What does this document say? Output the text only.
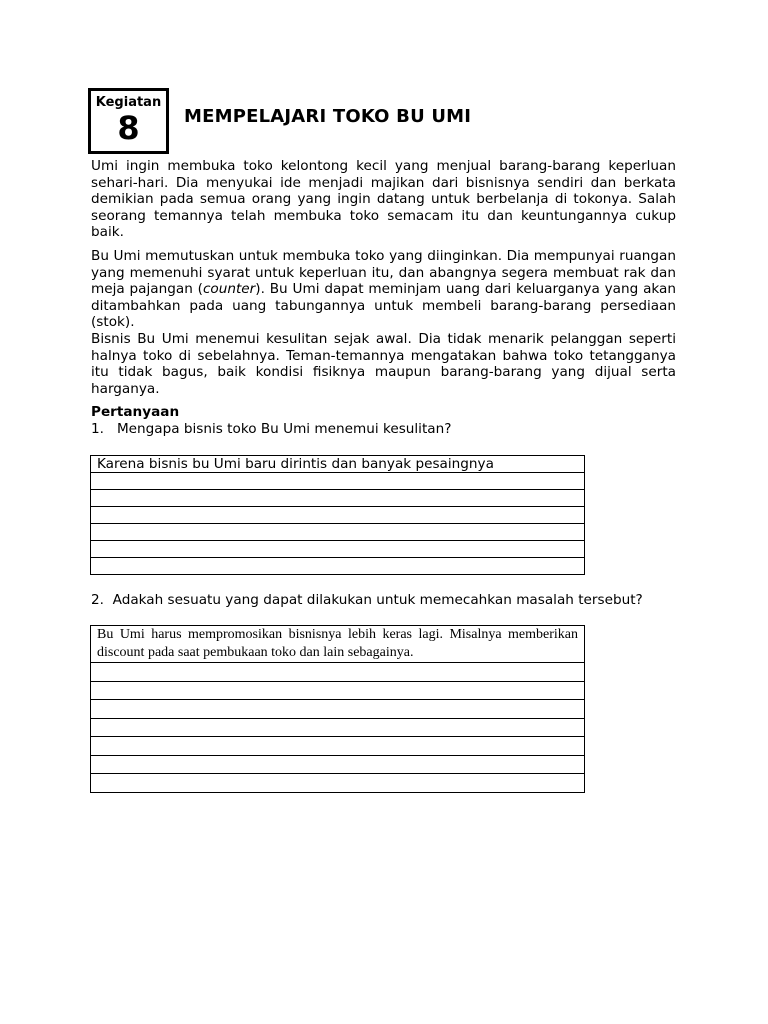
Kegiatan
8	MEMPELAJARI TOKO BU UMI

Umi ingin membuka toko kelontong kecil yang menjual barang-barang keperluan sehari-hari. Dia menyukai ide menjadi majikan dari bisnisnya sendiri dan berkata demikian pada semua orang yang ingin datang untuk berbelanja di tokonya. Salah seorang temannya telah membuka toko semacam itu dan keuntungannya cukup baik.

Bu Umi memutuskan untuk membuka toko yang diinginkan. Dia mempunyai ruangan yang memenuhi syarat untuk keperluan itu, dan abangnya segera membuat rak dan meja pajangan (counter). Bu Umi dapat meminjam uang dari keluarganya yang akan ditambahkan pada uang tabungannya untuk membeli barang-barang persediaan (stok).

Bisnis Bu Umi menemui kesulitan sejak awal. Dia tidak menarik pelanggan seperti halnya toko di sebelahnya. Teman-temannya mengatakan bahwa toko tetangganya itu tidak bagus, baik kondisi fisiknya maupun barang-barang yang dijual serta harganya.

Pertanyaan

1. Mengapa bisnis toko Bu Umi menemui kesulitan?

Karena bisnis bu Umi baru dirintis dan banyak pesaingnya

2. Adakah sesuatu yang dapat dilakukan untuk memecahkan masalah tersebut?

Bu Umi harus mempromosikan bisnisnya lebih keras lagi. Misalnya memberikan discount pada saat pembukaan toko dan lain sebagainya.
